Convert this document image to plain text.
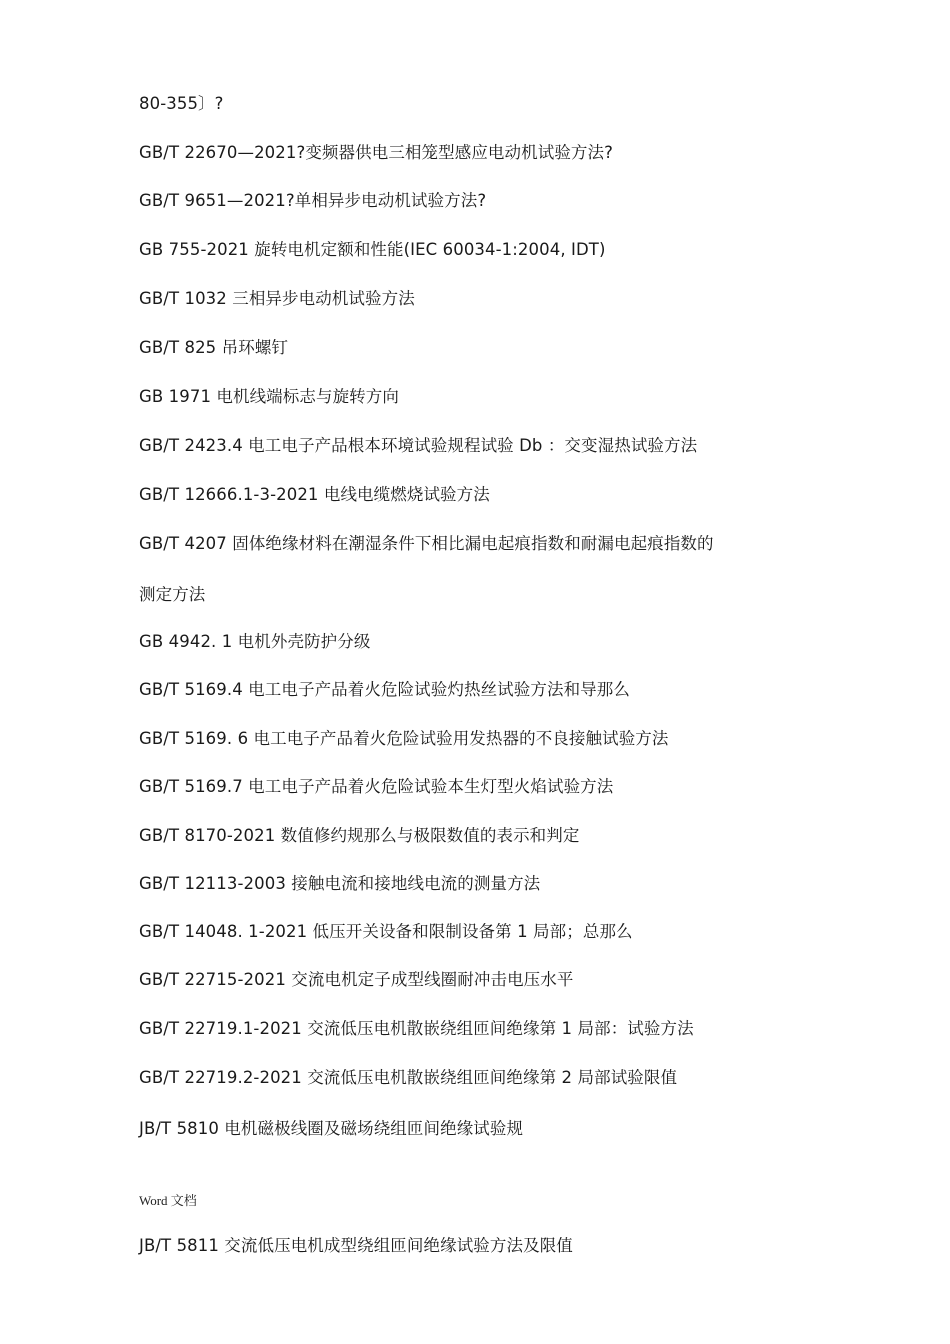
80-355〕?
GB/T 22670—2021?变频器供电三相笼型感应电动机试验方法?
GB/T 9651—2021?单相异步电动机试验方法?
GB 755-2021 旋转电机定额和性能(IEC 60034-1:2004, IDT)
GB/T 1032 三相异步电动机试验方法
GB/T 825 吊环螺钉
GB 1971 电机线端标志与旋转方向
GB/T 2423.4 电工电子产品根本环境试验规程试验 Db ：交变湿热试验方法
GB/T 12666.1-3-2021 电线电缆燃烧试验方法
GB/T 4207 固体绝缘材料在潮湿条件下相比漏电起痕指数和耐漏电起痕指数的
测定方法
GB 4942. 1 电机外壳防护分级
GB/T 5169.4 电工电子产品着火危险试验灼热丝试验方法和导那么
GB/T 5169. 6 电工电子产品着火危险试验用发热器的不良接触试验方法
GB/T 5169.7 电工电子产品着火危险试验本生灯型火焰试验方法
GB/T 8170-2021 数值修约规那么与极限数值的表示和判定
GB/T 12113-2003 接触电流和接地线电流的测量方法
GB/T 14048. 1-2021 低压开关设备和限制设备第 1 局部；总那么
GB/T 22715-2021 交流电机定子成型线圈耐冲击电压水平
GB/T 22719.1-2021 交流低压电机散嵌绕组匝间绝缘第 1 局部：试验方法
GB/T 22719.2-2021 交流低压电机散嵌绕组匝间绝缘第 2 局部试验限值
JB/T 5810 电机磁极线圈及磁场绕组匝间绝缘试验规
Word 文档
JB/T 5811 交流低压电机成型绕组匝间绝缘试验方法及限值
